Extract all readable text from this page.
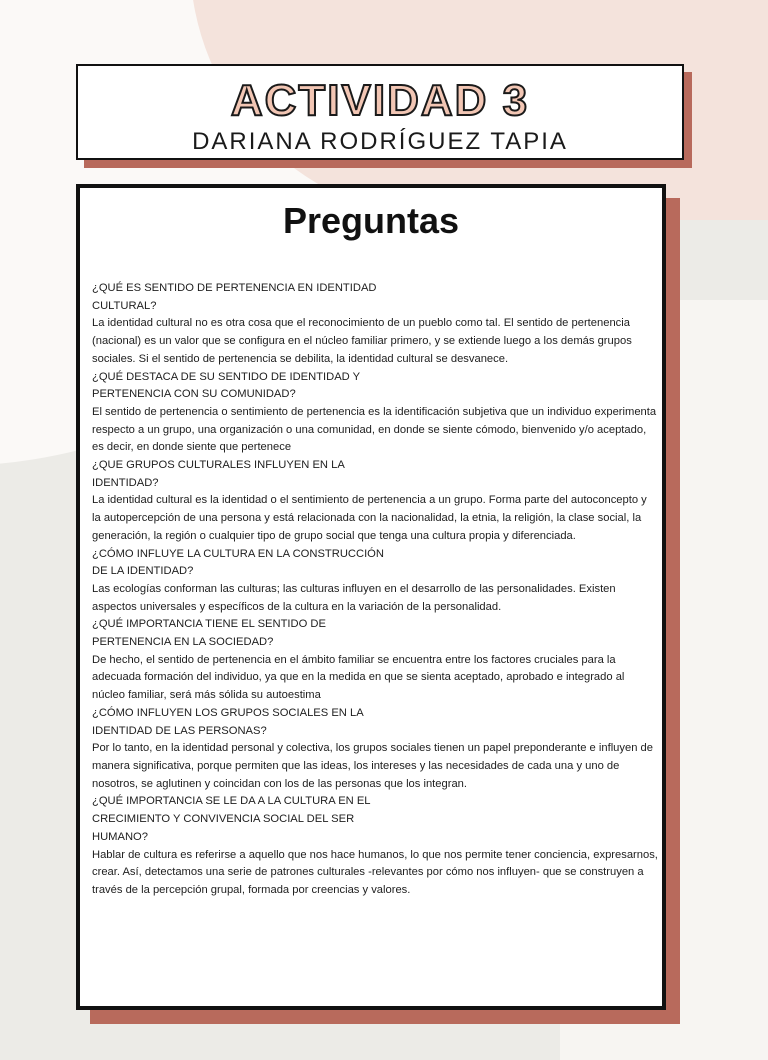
ACTIVIDAD 3
DARIANA RODRÍGUEZ TAPIA
Preguntas

¿QUÉ ES SENTIDO DE PERTENENCIA EN IDENTIDAD

CULTURAL?

La identidad cultural no es otra cosa que el reconocimiento de un pueblo como tal. El sentido de pertenencia (nacional) es un valor que se configura en el núcleo familiar primero, y se extiende luego a los demás grupos sociales. Si el sentido de pertenencia se debilita, la identidad cultural se desvanece.

¿QUÉ DESTACA DE SU SENTIDO DE IDENTIDAD Y

PERTENENCIA CON SU COMUNIDAD?

El sentido de pertenencia o sentimiento de pertenencia es la identificación subjetiva que un individuo experimenta respecto a un grupo, una organización o una comunidad, en donde se siente cómodo, bienvenido y/o aceptado, es decir, en donde siente que pertenece

¿QUE GRUPOS CULTURALES INFLUYEN EN LA

IDENTIDAD?

La identidad cultural es la identidad o el sentimiento de pertenencia a un grupo. Forma parte del autoconcepto y la autopercepción de una persona y está relacionada con la nacionalidad, la etnia, la religión, la clase social, la generación, la región o cualquier tipo de grupo social que tenga una cultura propia y diferenciada.

¿CÓMO INFLUYE LA CULTURA EN LA CONSTRUCCIÓN

DE LA IDENTIDAD?

Las ecologías conforman las culturas; las culturas influyen en el desarrollo de las personalidades. Existen aspectos universales y específicos de la cultura en la variación de la personalidad.

¿QUÉ IMPORTANCIA TIENE EL SENTIDO DE

PERTENENCIA EN LA SOCIEDAD?

De hecho, el sentido de pertenencia en el ámbito familiar se encuentra entre los factores cruciales para la adecuada formación del individuo, ya que en la medida en que se sienta aceptado, aprobado e integrado al núcleo familiar, será más sólida su autoestima

¿CÓMO INFLUYEN LOS GRUPOS SOCIALES EN LA

IDENTIDAD DE LAS PERSONAS?

Por lo tanto, en la identidad personal y colectiva, los grupos sociales tienen un papel preponderante e influyen de manera significativa, porque permiten que las ideas, los intereses y las necesidades de cada una y uno de nosotros, se aglutinen y coincidan con los de las personas que los integran.

¿QUÉ IMPORTANCIA SE LE DA A LA CULTURA EN EL

CRECIMIENTO Y CONVIVENCIA SOCIAL DEL SER

HUMANO?

Hablar de cultura es referirse a aquello que nos hace humanos, lo que nos permite tener conciencia, expresarnos, crear. Así, detectamos una serie de patrones culturales -relevantes por cómo nos influyen- que se construyen a través de la percepción grupal, formada por creencias y valores.
